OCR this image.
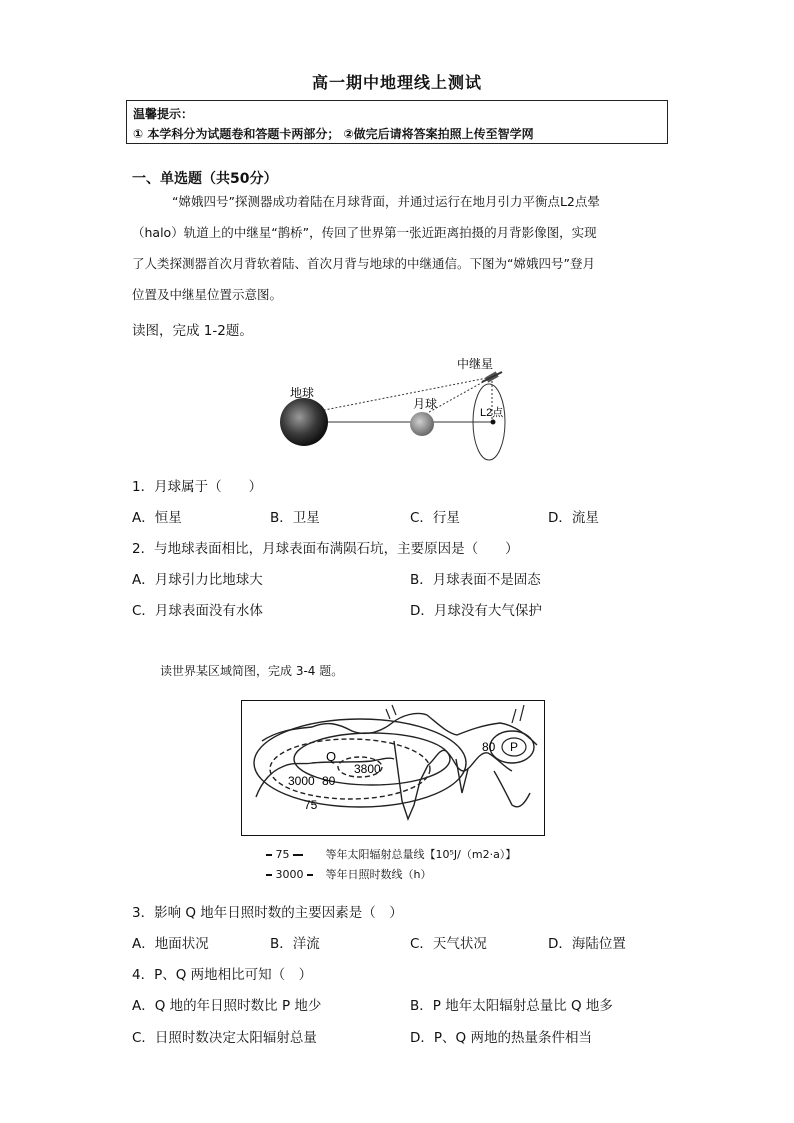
高一期中地理线上测试
温馨提示：
① 本学科分为试题卷和答题卡两部分； ②做完后请将答案拍照上传至智学网
一、单选题（共50分）
“嫦娥四号”探测器成功着陆在月球背面，并通过运行在地月引力平衡点L2点晕
（halo）轨道上的中继星“鹊桥”，传回了世界第一张近距离拍摄的月背影像图，实现
了人类探测器首次月背软着陆、首次月背与地球的中继通信。下图为“嫦娥四号”登月
位置及中继星位置示意图。
读图，完成 1-2题。
地球
月球
中继星
L2点
1．月球属于（　　）
A．恒星	B．卫星	C．行星	D．流星
2．与地球表面相比，月球表面布满陨石坑，主要原因是（　　）
A．月球引力比地球大	B．月球表面不是固态
C．月球表面没有水体	D．月球没有大气保护
读世界某区域简图，完成 3-4 题。
Q
P
3800
3000 80
80
75
75	等年太阳辐射总量线【10⁵J/（m2·a）】
3000 等年日照时数线（h）
3．影响 Q 地年日照时数的主要因素是（　）
A．地面状况	B．洋流	C．天气状况	D．海陆位置
4．P、Q 两地相比可知（　）
A．Q 地的年日照时数比 P 地少	B．P 地年太阳辐射总量比 Q 地多
C．日照时数决定太阳辐射总量	D．P、Q 两地的热量条件相当
